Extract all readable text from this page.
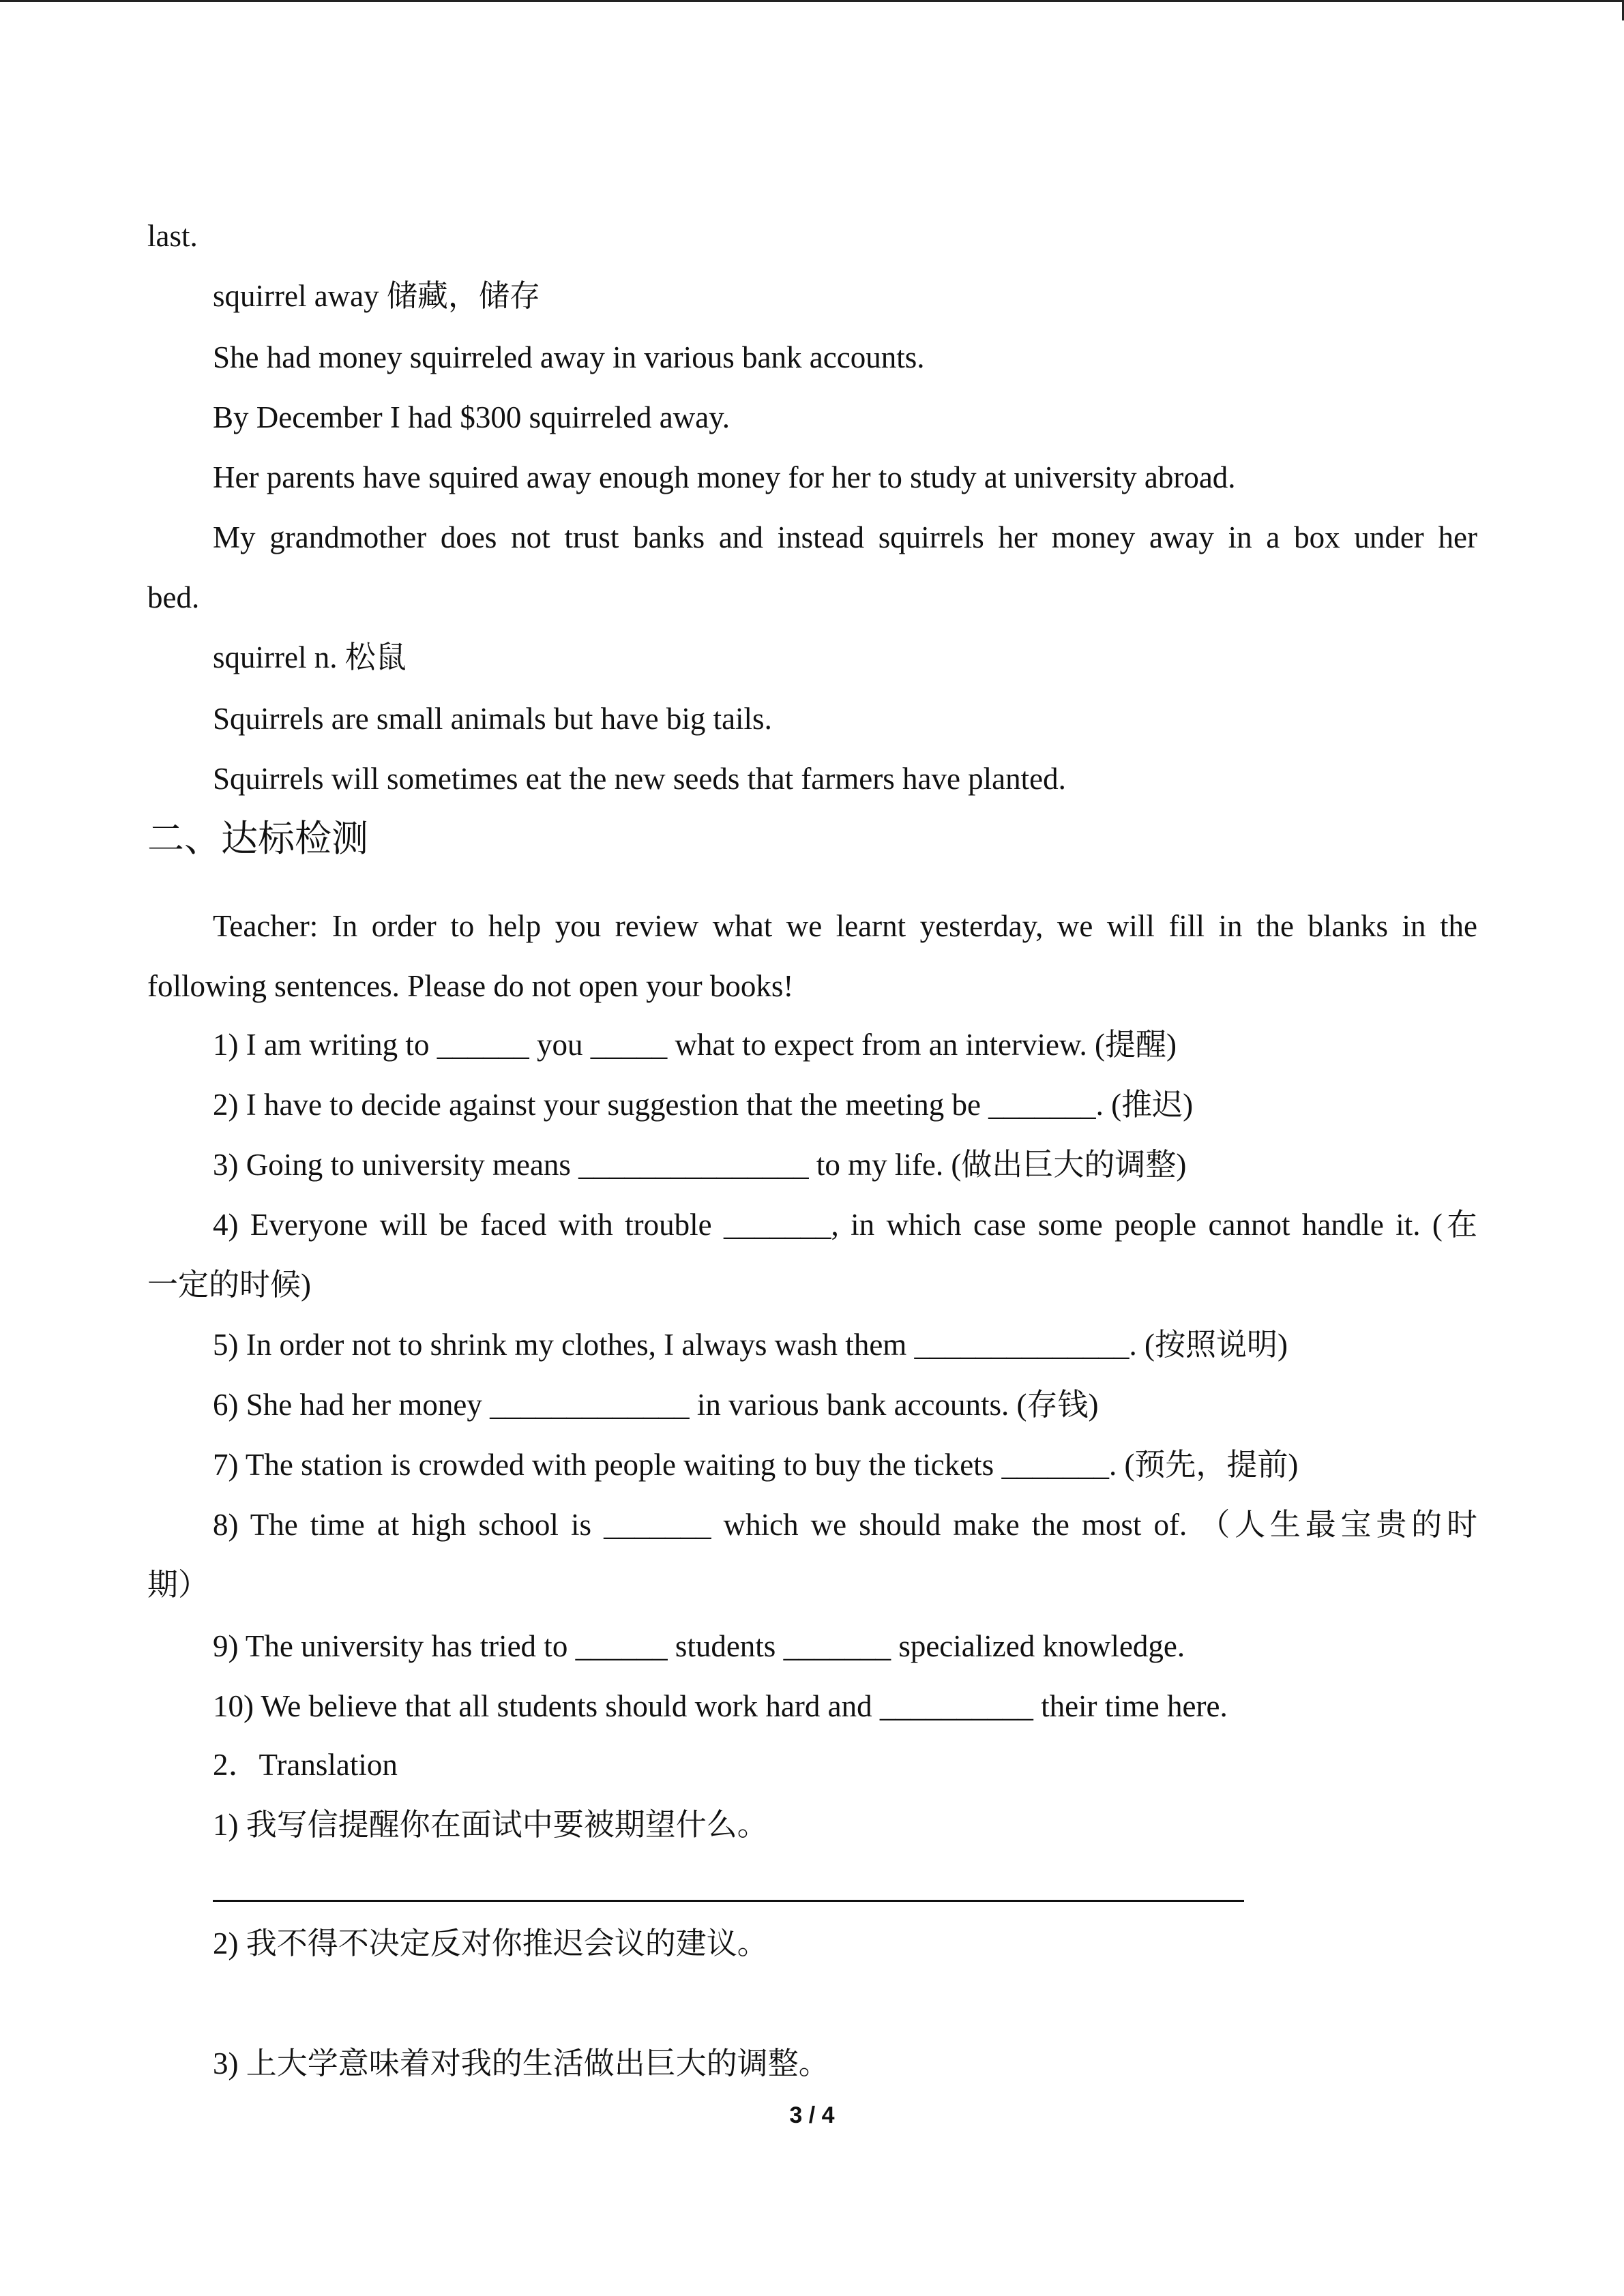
last.
squirrel away 储藏，储存
She had money squirreled away in various bank accounts.
By December I had $300 squirreled away.
Her parents have squired away enough money for her to study at university abroad.
My grandmother does not trust banks and instead squirrels her money away in a box under her
bed.
squirrel n. 松鼠
Squirrels are small animals but have big tails.
Squirrels will sometimes eat the new seeds that farmers have planted.
二、达标检测
Teacher: In order to help you review what we learnt yesterday, we will fill in the blanks in the
following sentences. Please do not open your books!
1) I am writing to ______ you _____ what to expect from an interview. (提醒)
2) I have to decide against your suggestion that the meeting be _______. (推迟)
3) Going to university means _______________ to my life. (做出巨大的调整)
4) Everyone will be faced with trouble _______, in which case some people cannot handle it. (在
一定的时候)
5) In order not to shrink my clothes, I always wash them ______________. (按照说明)
6) She had her money _____________ in various bank accounts. (存钱)
7) The station is crowded with people waiting to buy the tickets _______. (预先，提前)
8) The time at high school is _______ which we should make the most of. （人生最宝贵的时
期）
9) The university has tried to ______ students _______ specialized knowledge.
10) We believe that all students should work hard and __________ their time here.
2．Translation
1) 我写信提醒你在面试中要被期望什么。
2) 我不得不决定反对你推迟会议的建议。
3) 上大学意味着对我的生活做出巨大的调整。
3 / 4
